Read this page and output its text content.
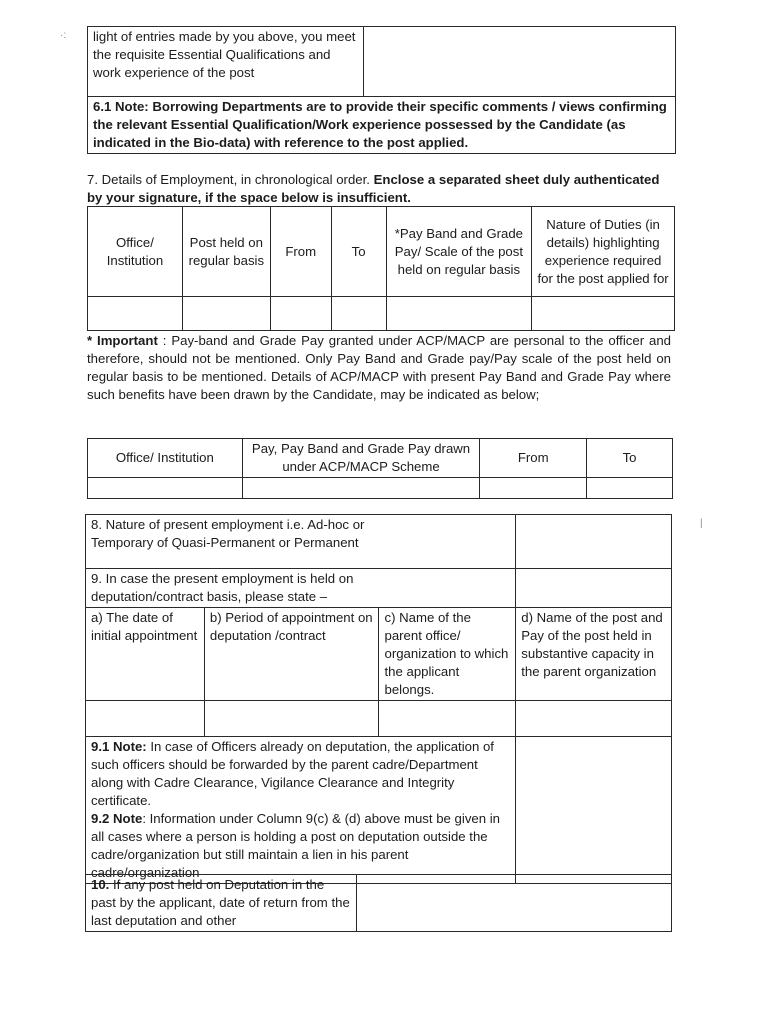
·:
|
light of entries made by you above, you meet the requisite Essential Qualifications and work experience of the post	
6.1 Note: Borrowing Departments are to provide their specific comments / views confirming the relevant Essential Qualification/Work experience possessed by the Candidate (as indicated in the Bio-data) with reference to the post applied.
7. Details of Employment, in chronological order. Enclose a separated sheet duly authenticated by your signature, if the space below is insufficient.
Office/ Institution	Post held on regular basis	From	To	*Pay Band and Grade Pay/ Scale of the post held on regular basis	Nature of Duties (in details) highlighting experience required for the post applied for

* Important : Pay-band and Grade Pay granted under ACP/MACP are personal to the officer and therefore, should not be mentioned. Only Pay Band and Grade pay/Pay scale of the post held on regular basis to be mentioned. Details of ACP/MACP with present Pay Band and Grade Pay where such benefits have been drawn by the Candidate, may be indicated as below;
Office/ Institution	Pay, Pay Band and Grade Pay drawn under ACP/MACP Scheme	From	To

8. Nature of present employment i.e. Ad-hoc or Temporary of Quasi-Permanent or Permanent			
9. In case the present employment is held on deputation/contract basis, please state –			
a) The date of initial appointment	b) Period of appointment on deputation /contract	c) Name of the parent office/ organization to which the applicant belongs.	d) Name of the post and Pay of the post held in substantive capacity in the parent organization

9.1 Note: In case of Officers already on deputation, the application of such officers should be forwarded by the parent cadre/Department along with Cadre Clearance, Vigilance Clearance and Integrity certificate.
9.2 Note: Information under Column 9(c) & (d) above must be given in all cases where a person is holding a post on deputation outside the cadre/organization but still maintain a lien in his parent cadre/organization			
10. If any post held on Deputation in the past by the applicant, date of return from the last deputation and other	
